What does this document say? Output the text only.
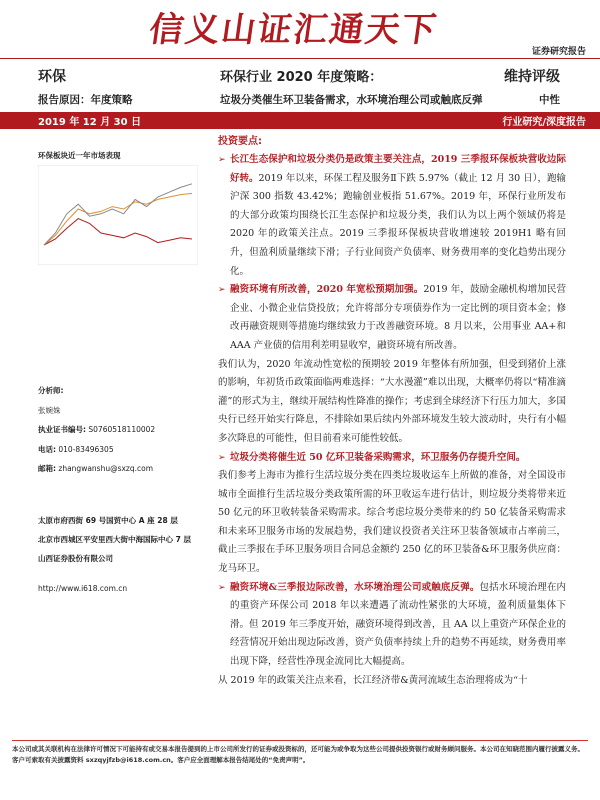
信义山证汇通天下
证券研究报告
环保	环保行业 2020 年度策略：	维持评级
报告原因：年度策略	垃圾分类催生环卫装备需求，水环境治理公司或触底反弹	中性
2019 年 12 月 30 日	行业研究/深度报告
环保板块近一年市场表现
分析师:
张婉姝
执业证书编号: S0760518110002
电话: 010-83496305
邮箱: zhangwanshu@sxzq.com
太原市府西街 69 号国贸中心 A 座 28 层
北京市西城区平安里西大街中海国际中心 7 层
山西证券股份有限公司
http://www.i618.com.cn
投资要点:
➢ 长江生态保护和垃圾分类仍是政策主要关注点，2019 三季报环保板块营收边际好转。2019 年以来，环保工程及服务Ⅱ下跌 5.97%（截止 12 月 30 日），跑输沪深 300 指数 43.42%；跑输创业板指 51.67%。2019 年，环保行业所发布的大部分政策均围绕长江生态保护和垃圾分类，我们认为以上两个领域仍将是 2020 年的政策关注点。2019 三季报环保板块营收增速较 2019H1 略有回升，但盈利质量继续下滑；子行业间资产负债率、财务费用率的变化趋势出现分化。
➢ 融资环境有所改善，2020 年宽松预期加强。2019 年，鼓励金融机构增加民营企业、小微企业信贷投放；允许将部分专项债券作为一定比例的项目资本金；修改再融资规则等措施均继续致力于改善融资环境。8 月以来，公用事业 AA+和 AAA 产业债的信用利差明显收窄，融资环境有所改善。
我们认为，2020 年流动性宽松的预期较 2019 年整体有所加强，但受到猪价上涨的影响，年初货币政策面临两难选择：“大水漫灌”难以出现，大概率仍将以“精准滴灌”的形式为主，继续开展结构性降准的操作；考虑到全球经济下行压力加大，多国央行已经开始实行降息，不排除如果后续内外部环境发生较大波动时，央行有小幅多次降息的可能性，但目前看来可能性较低。
➢ 垃圾分类将催生近 50 亿环卫装备采购需求，环卫服务仍存提升空间。
我们参考上海市为推行生活垃圾分类在四类垃圾收运车上所做的准备，对全国设市城市全面推行生活垃圾分类政策所需的环卫收运车进行估计，则垃圾分类将带来近 50 亿元的环卫收转装备采购需求。综合考虑垃圾分类带来的约 50 亿装备采购需求和未来环卫服务市场的发展趋势，我们建议投资者关注环卫装备领域市占率前三，截止三季报在手环卫服务项目合同总金额约 250 亿的环卫装备&环卫服务供应商：龙马环卫。
➢ 融资环境&三季报边际改善，水环境治理公司或触底反弹。包括水环境治理在内的重资产环保公司 2018 年以来遭遇了流动性紧张的大环境，盈利质量集体下滑。但 2019 年三季度开始，融资环境得到改善，且 AA 以上重资产环保企业的经营情况开始出现边际改善，资产负债率持续上升的趋势不再延续，财务费用率出现下降，经营性净现金流同比大幅提高。
从 2019 年的政策关注点来看，长江经济带&黄河流域生态治理将成为“十
本公司或其关联机构在法律许可情况下可能持有或交易本报告提到的上市公司所发行的证券或投资标的，还可能为或争取为这些公司提供投资银行或财务顾问服务。本公司在知晓范围内履行披露义务。客户可索取有关披露资料 sxzqyjfzb@i618.com.cn。客户应全面理解本报告结尾处的“免责声明”。
